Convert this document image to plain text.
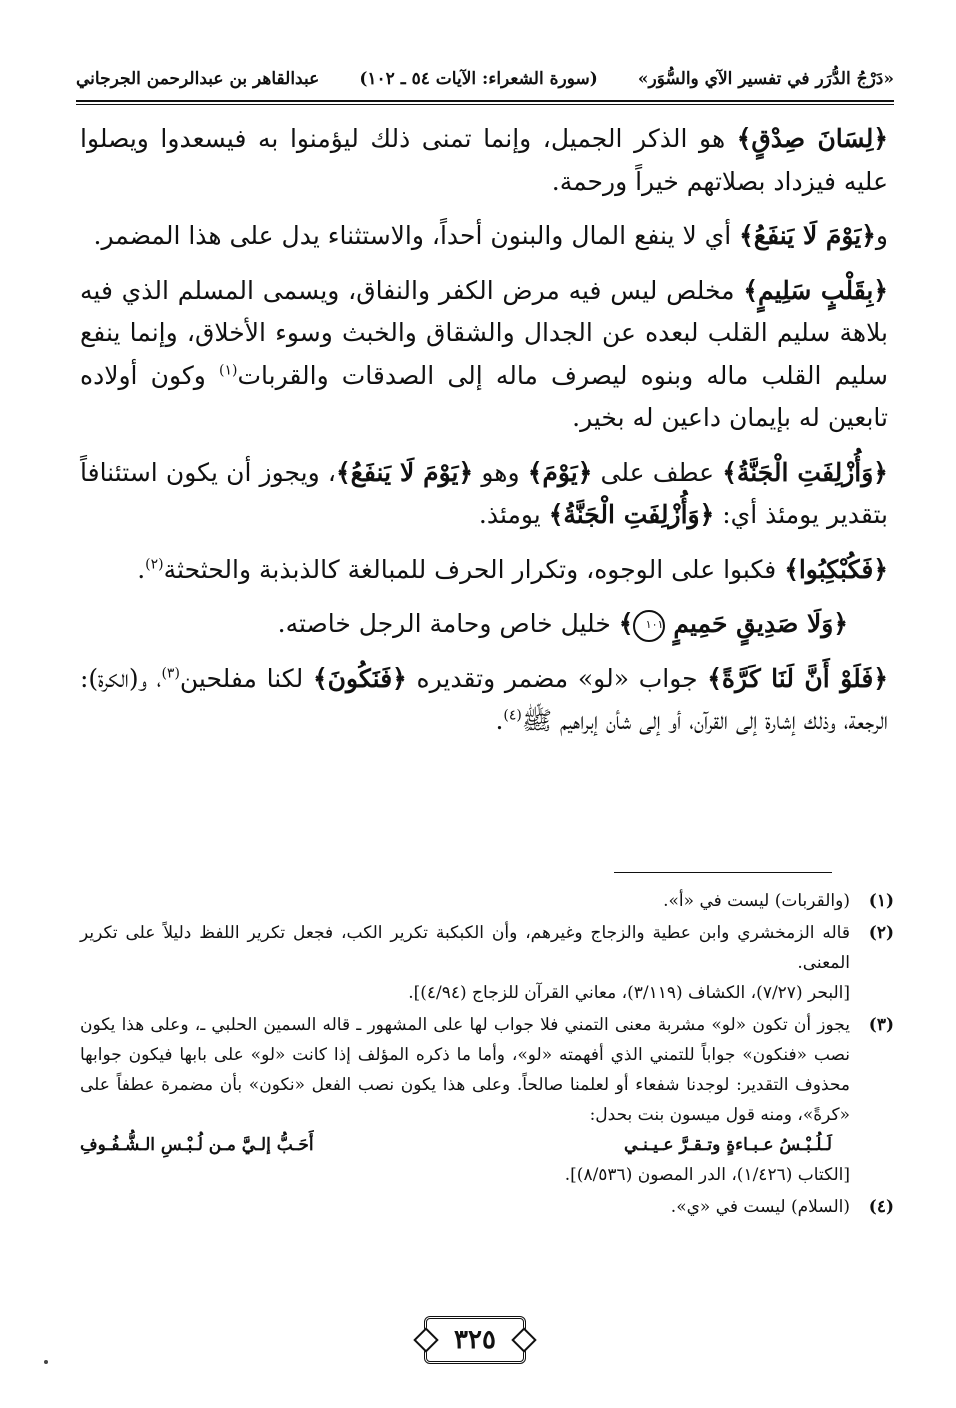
«دَرْجُ الدُّرَر في تفسير الآي والسُّوَر»
(سورة الشعراء: الآيات ٥٤ ـ ١٠٢)
عبدالقاهر بن عبدالرحمن الجرجاني

﴿لِسَانَ صِدْقٍ﴾ هو الذكر الجميل، وإنما تمنى ذلك ليؤمنوا به فيسعدوا ويصلوا عليه فيزداد بصلاتهم خيراً ورحمة.

و﴿يَوْمَ لَا يَنفَعُ﴾ أي لا ينفع المال والبنون أحداً، والاستثناء يدل على هذا المضمر.

﴿بِقَلْبٍ سَلِيمٍ﴾ مخلص ليس فيه مرض الكفر والنفاق، ويسمى المسلم الذي فيه بلاهة سليم القلب لبعده عن الجدال والشقاق والخبث وسوء الأخلاق، وإنما ينفع سليم القلب ماله وبنوه ليصرف ماله إلى الصدقات والقربات$^{(١)}$ وكون أولاده تابعين له بإيمان داعين له بخير.

﴿وَأُزْلِفَتِ الْجَنَّةُ﴾ عطف على ﴿يَوْمَ﴾ وهو ﴿يَوْمَ لَا يَنفَعُ﴾، ويجوز أن يكون استئنافاً بتقدير يومئذ أي: ﴿وَأُزْلِفَتِ الْجَنَّةُ﴾ يومئذ.

﴿فَكُبْكِبُوا﴾ فكبوا على الوجوه، وتكرار الحرف للمبالغة كالذبذبة والحثحثة$^{(٢)}$.

﴿وَلَا صَدِيقٍ حَمِيمٍ ١٠١﴾ خليل خاص وحامة الرجل خاصته.

﴿فَلَوْ أَنَّ لَنَا كَرَّةً﴾ جواب «لو» مضمر وتقديره ﴿فَنَكُونَ﴾ لكنا مفلحين$^{(٣)}$، و(الكرة): الرجعة، وذلك إشارة إلى القرآن، أو إلى شأن إبراهيم ﷺ$^{(٤)}$.

(١)
(والقربات) ليست في «أ».
(٢)
قاله الزمخشري وابن عطية والزجاج وغيرهم، وأن الكبكبة تكرير الكب، فجعل تكرير اللفظ دليلاً على تكرير المعنى.
[البحر (٧/٢٧)، الكشاف (٣/١١٩)، معاني القرآن للزجاج (٤/٩٤)].
(٣)
يجوز أن تكون «لو» مشربة معنى التمني فلا جواب لها على المشهور ـ قاله السمين الحلبي ـ، وعلى هذا يكون نصب «فنكون» جواباً للتمني الذي أفهمته «لو»، وأما ما ذكره المؤلف إذا كانت «لو» على بابها فيكون جوابها محذوف التقدير: لوجدنا شفعاء أو لعلمنا صالحاً. وعلى هذا يكون نصب الفعل «نكون» بأن مضمرة عطفاً على «كرةً»، ومنه قول ميسون بنت بحدل:
لَـلُـبْـسُ عـبـاءةٍ وتـقـرَّ عـيـنـي
أَحَـبُّ إلـيَّ مـن لُـبْـسِ الـشُّـفُـوفِ
[الكتاب (١/٤٢٦)، الدر المصون (٨/٥٣٦)].
(٤)
(السلام) ليست في «ي».
٣٢٥
